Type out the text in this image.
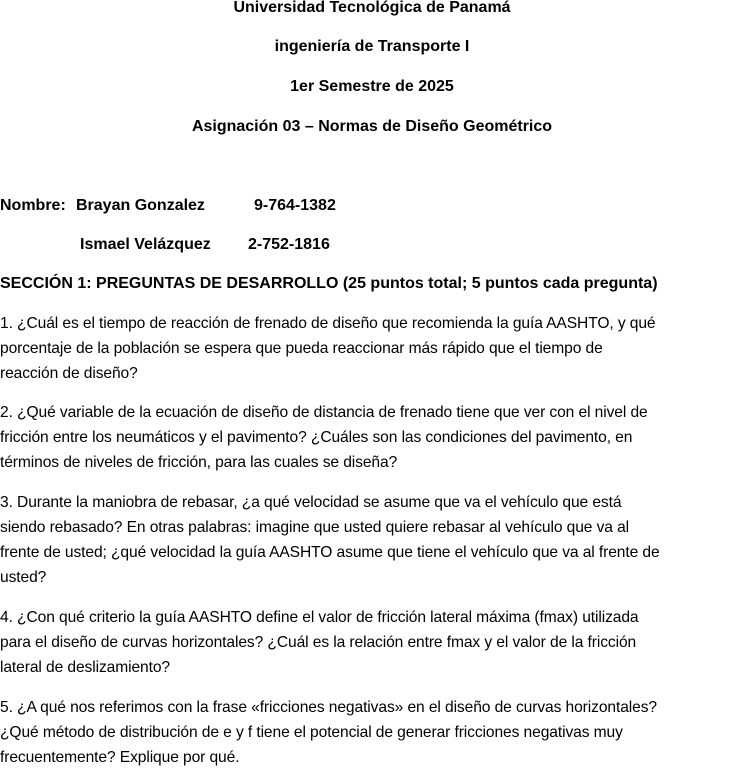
Universidad Tecnológica de Panamá
ingeniería de Transporte I
1er Semestre de 2025
Asignación 03 – Normas de Diseño Geométrico
Nombre: Brayan Gonzalez	9-764-1382
Ismael Velázquez 2-752-1816
SECCIÓN 1: PREGUNTAS DE DESARROLLO (25 puntos total; 5 puntos cada pregunta)
1. ¿Cuál es el tiempo de reacción de frenado de diseño que recomienda la guía AASHTO, y qué
porcentaje de la población se espera que pueda reaccionar más rápido que el tiempo de
reacción de diseño?
2. ¿Qué variable de la ecuación de diseño de distancia de frenado tiene que ver con el nivel de
fricción entre los neumáticos y el pavimento? ¿Cuáles son las condiciones del pavimento, en
términos de niveles de fricción, para las cuales se diseña?
3. Durante la maniobra de rebasar, ¿a qué velocidad se asume que va el vehículo que está
siendo rebasado? En otras palabras: imagine que usted quiere rebasar al vehículo que va al
frente de usted; ¿qué velocidad la guía AASHTO asume que tiene el vehículo que va al frente de
usted?
4. ¿Con qué criterio la guía AASHTO define el valor de fricción lateral máxima (fmax) utilizada
para el diseño de curvas horizontales? ¿Cuál es la relación entre fmax y el valor de la fricción
lateral de deslizamiento?
5. ¿A qué nos referimos con la frase «fricciones negativas» en el diseño de curvas horizontales?
¿Qué método de distribución de e y f tiene el potencial de generar fricciones negativas muy
frecuentemente? Explique por qué.
